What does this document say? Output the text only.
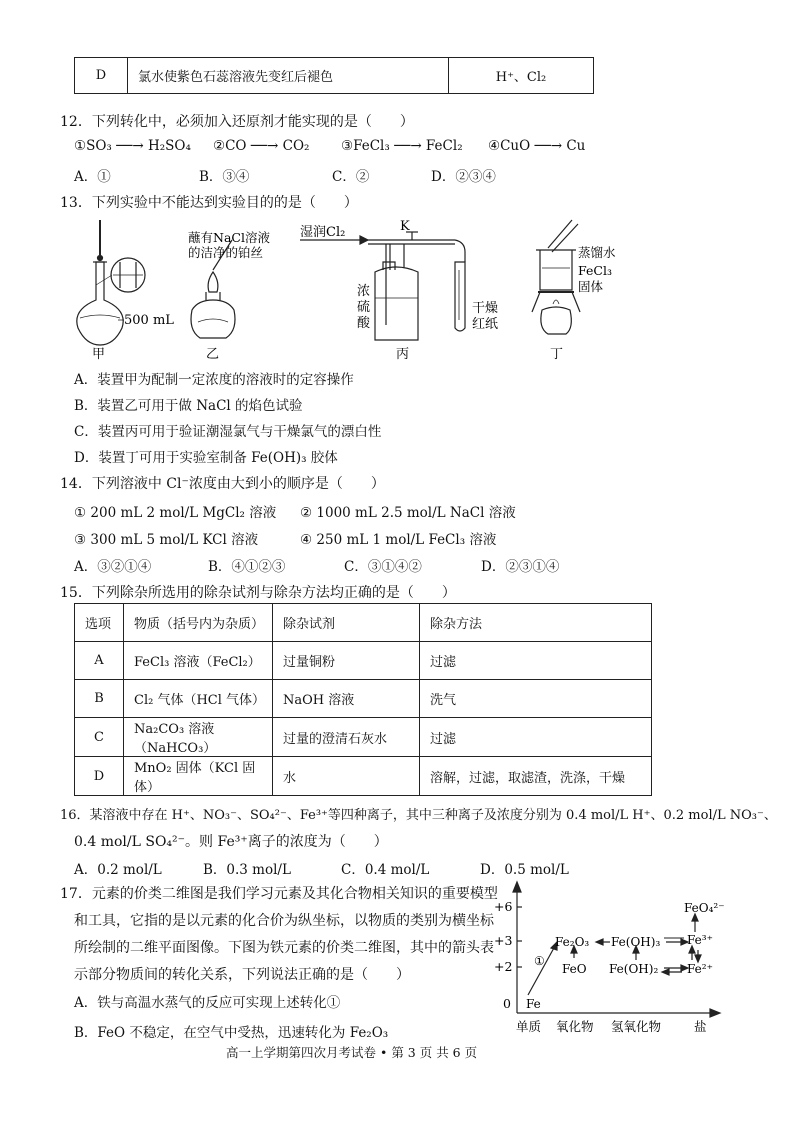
D	氯水使紫色石蕊溶液先变红后褪色	H⁺、Cl₂
12．下列转化中，必须加入还原剂才能实现的是（　　）
①SO₃ ──→ H₂SO₄ ②CO ──→ CO₂ ③FeCl₃ ──→ FeCl₂ ④CuO ──→ Cu
A．①	B．③④	C．②	D．②③④
13．下列实验中不能达到实验目的的是（　　）
500 mL
甲
蘸有NaCl溶液
的洁净的铂丝
乙
湿润Cl₂	K
浓
硫
酸
干燥
红纸
丙
蒸馏水
FeCl₃
固体
丁
A．装置甲为配制一定浓度的溶液时的定容操作
B．装置乙可用于做 NaCl 的焰色试验
C．装置丙可用于验证潮湿氯气与干燥氯气的漂白性
D．装置丁可用于实验室制备 Fe(OH)₃ 胶体
14．下列溶液中 Cl⁻浓度由大到小的顺序是（　　）
① 200 mL 2 mol/L MgCl₂ 溶液 ② 1000 mL 2.5 mol/L NaCl 溶液
③ 300 mL 5 mol/L KCl 溶液	④ 250 mL 1 mol/L FeCl₃ 溶液
A．③②①④	B．④①②③	C．③①④②	D．②③①④
15．下列除杂所选用的除杂试剂与除杂方法均正确的是（　　）
选项	物质（括号内为杂质）	除杂试剂	除杂方法
A	FeCl₃ 溶液（FeCl₂）	过量铜粉	过滤
B	Cl₂ 气体（HCl 气体）	NaOH 溶液	洗气
C	Na₂CO₃ 溶液（NaHCO₃）	过量的澄清石灰水	过滤
D	MnO₂ 固体（KCl 固体）	水	溶解，过滤，取滤渣，洗涤，干燥
16．某溶液中存在 H⁺、NO₃⁻、SO₄²⁻、Fe³⁺等四种离子，其中三种离子及浓度分别为 0.4 mol/L H⁺、0.2 mol/L NO₃⁻、
0.4 mol/L SO₄²⁻。则 Fe³⁺离子的浓度为（　　）
A．0.2 mol/L	B．0.3 mol/L	C．0.4 mol/L	D．0.5 mol/L
17．元素的价类二维图是我们学习元素及其化合物相关知识的重要模型
和工具，它指的是以元素的化合价为纵坐标，以物质的类别为横坐标
所绘制的二维平面图像。下图为铁元素的价类二维图，其中的箭头表
示部分物质间的转化关系，下列说法正确的是（　　）
A．铁与高温水蒸气的反应可实现上述转化①
B．FeO 不稳定，在空气中受热，迅速转化为 Fe₂O₃
+6
+3
+2
0
单质 氧化物 氢氧化物	盐
Fe
Fe₂O₃
FeO
Fe(OH)₃
Fe(OH)₂
Fe³⁺
Fe²⁺
FeO₄²⁻
①
高一上学期第四次月考试卷 • 第 3 页 共 6 页
